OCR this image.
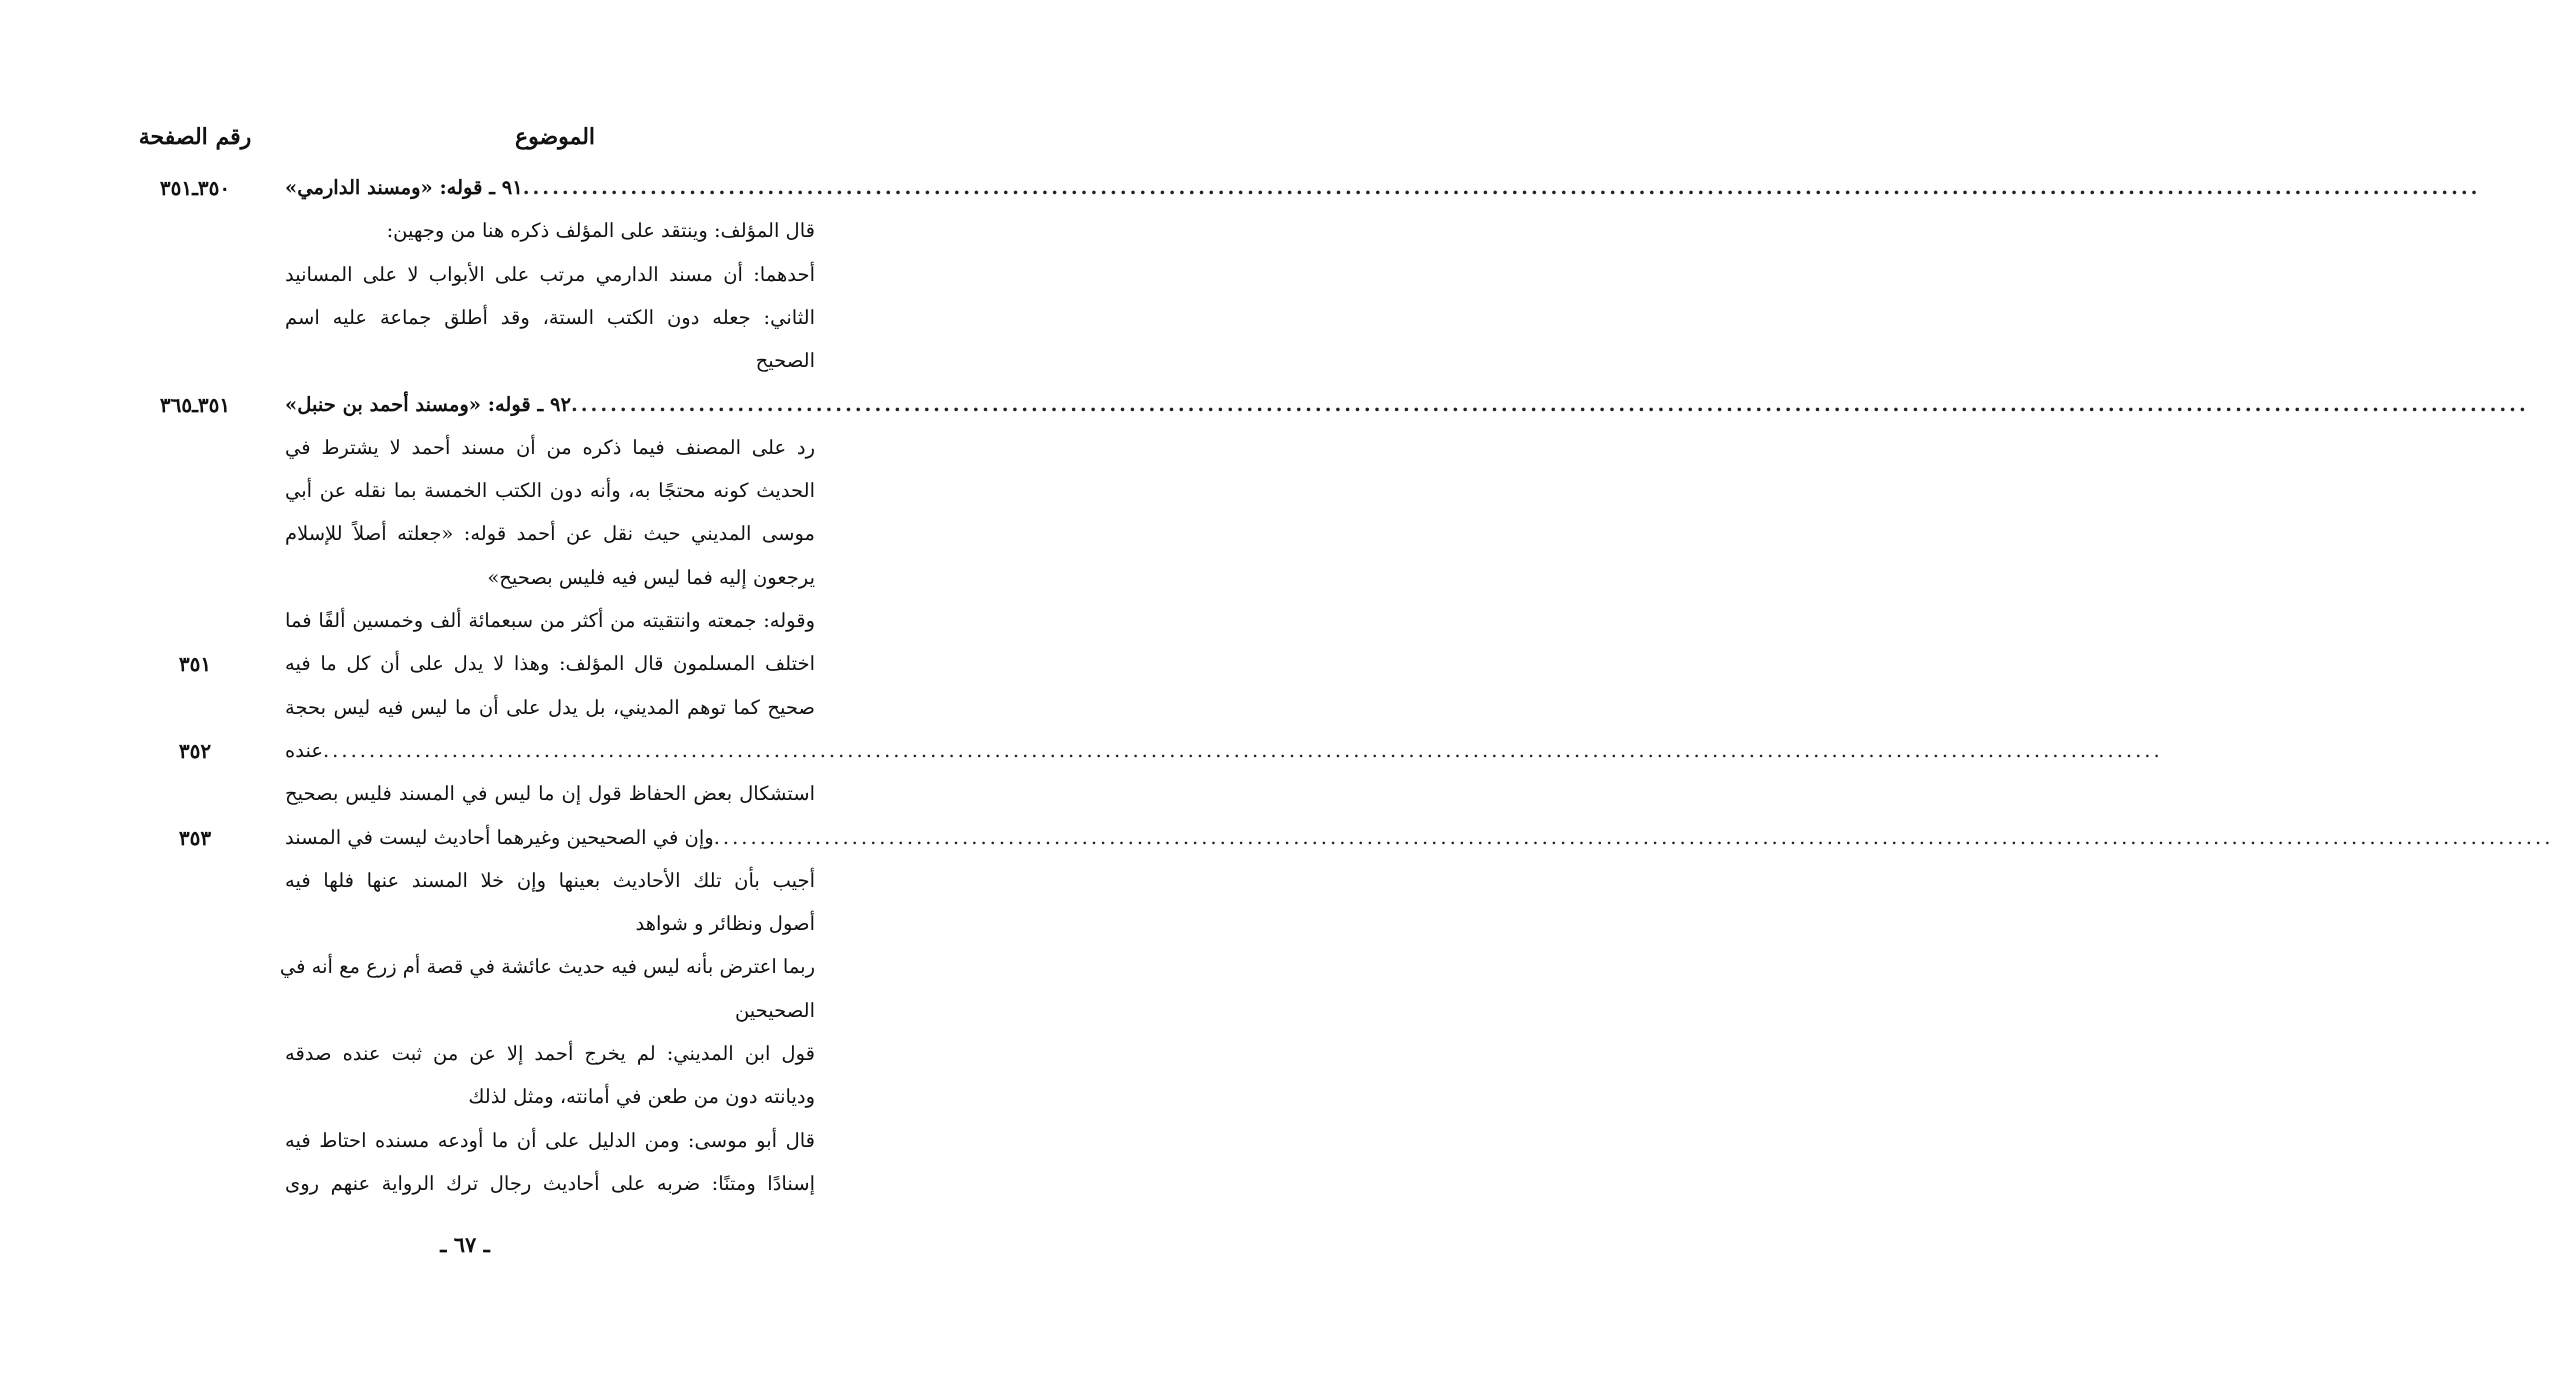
الموضوع
رقم الصفحة
٩١ ـ قوله: «ومسند الدارمي» ........................................................................................................................................................................................................
٣٥٠ـ٣٥١
قال المؤلف: وينتقد على المؤلف ذكره هنا من وجهين:
أحدهما: أن مسند الدارمي مرتب على الأبواب لا على المسانيد
الثاني: جعله دون الكتب الستة، وقد أطلق جماعة عليه اسم
الصحيح
٩٢ ـ قوله: «ومسند أحمد بن حنبل» ........................................................................................................................................................................................................
٣٥١ـ٣٦٥
رد على المصنف فيما ذكره من أن مسند أحمد لا يشترط في
الحديث كونه محتجًا به، وأنه دون الكتب الخمسة بما نقله عن أبي
موسى المديني حيث نقل عن أحمد قوله: «جعلته أصلاً للإسلام
يرجعون إليه فما ليس فيه فليس بصحيح»
وقوله: جمعته وانتقيته من أكثر من سبعمائة ألف وخمسين ألفًا فما
اختلف المسلمون قال المؤلف: وهذا لا يدل على أن كل ما فيه
٣٥١
صحيح كما توهم المديني، بل يدل على أن ما ليس فيه ليس بحجة
عنده ........................................................................................................................................................................................................
٣٥٢
استشكال بعض الحفاظ قول إن ما ليس في المسند فليس بصحيح
وإن في الصحيحين وغيرهما أحاديث ليست في المسند ........................................................................................................................................................................................................
٣٥٣
أجيب بأن تلك الأحاديث بعينها وإن خلا المسند عنها فلها فيه
أصول ونظائر و شواهد
ربما اعترض بأنه ليس فيه حديث عائشة في قصة أم زرع مع أنه في
الصحيحين
قول ابن المديني: لم يخرج أحمد إلا عن من ثبت عنده صدقه
وديانته دون من طعن في أمانته، ومثل لذلك
قال أبو موسى: ومن الدليل على أن ما أودعه مسنده احتاط فيه
إسنادًا ومتنًا: ضربه على أحاديث رجال ترك الرواية عنهم روى
ـ ٦٧ ـ
